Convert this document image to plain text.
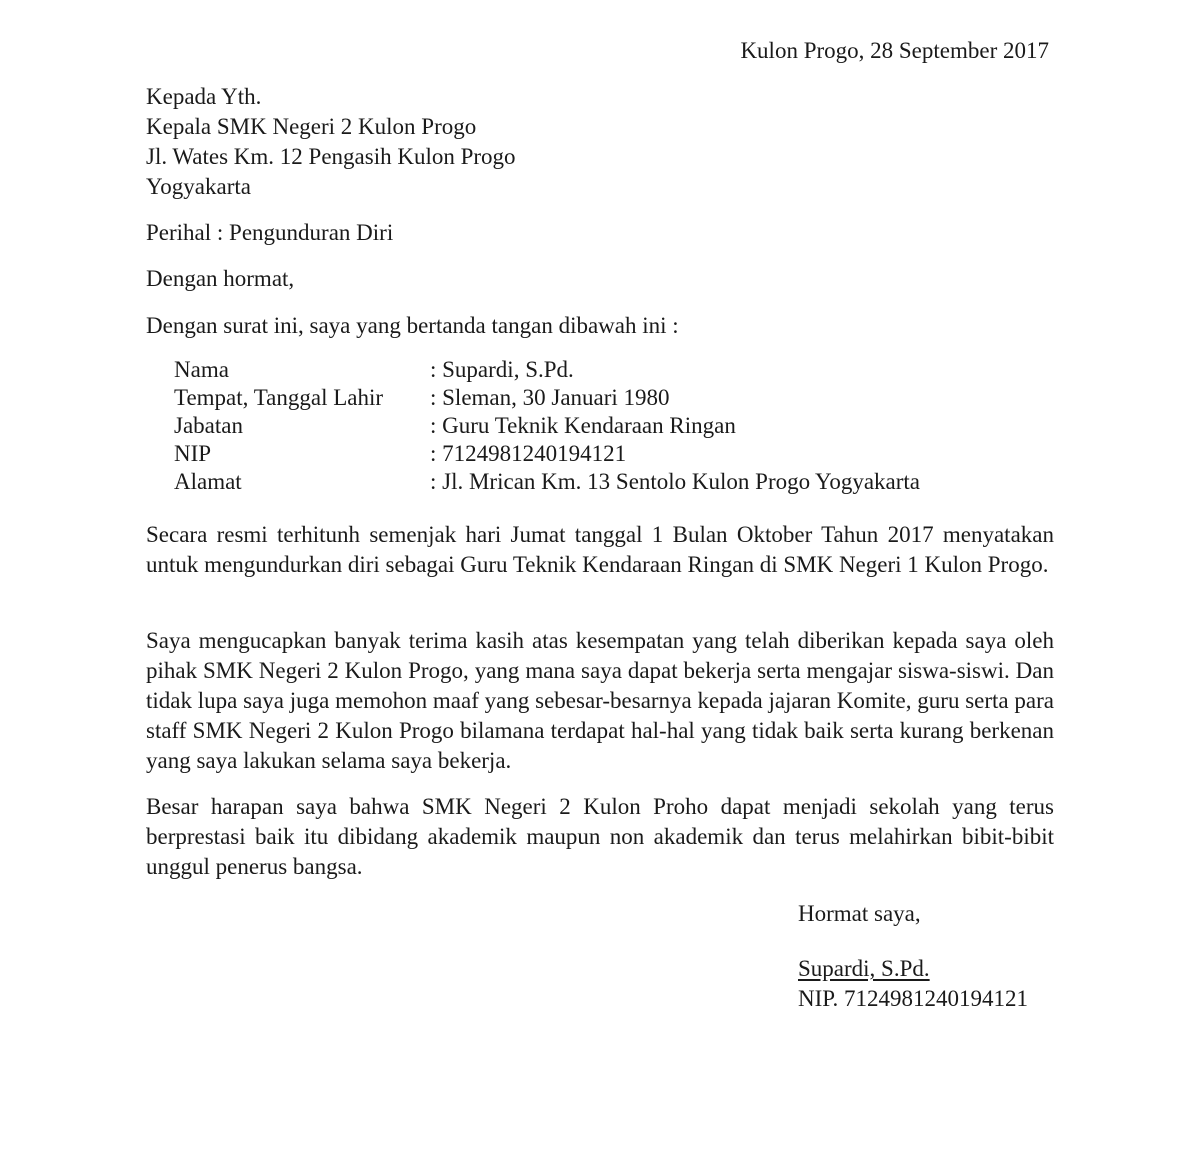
Kulon Progo, 28 September 2017
Kepada Yth.
Kepala SMK Negeri 2 Kulon Progo
Jl. Wates Km. 12 Pengasih Kulon Progo
Yogyakarta
Perihal : Pengunduran Diri
Dengan hormat,
Dengan surat ini, saya yang bertanda tangan dibawah ini :
Nama	: Supardi, S.Pd.
Tempat, Tanggal Lahir	: Sleman, 30 Januari 1980
Jabatan	: Guru Teknik Kendaraan Ringan
NIP	: 7124981240194121
Alamat	: Jl. Mrican Km. 13 Sentolo Kulon Progo Yogyakarta
Secara resmi terhitunh semenjak hari Jumat tanggal 1 Bulan Oktober Tahun 2017 menyatakan untuk mengundurkan diri sebagai Guru Teknik Kendaraan Ringan di SMK Negeri 1 Kulon Progo.
Saya mengucapkan banyak terima kasih atas kesempatan yang telah diberikan kepada saya oleh pihak SMK Negeri 2 Kulon Progo, yang mana saya dapat bekerja serta mengajar siswa-siswi. Dan tidak lupa saya juga memohon maaf yang sebesar-besarnya kepada jajaran Komite, guru serta para staff SMK Negeri 2 Kulon Progo bilamana terdapat hal-hal yang tidak baik serta kurang berkenan yang saya lakukan selama saya bekerja.
Besar harapan saya bahwa SMK Negeri 2 Kulon Proho dapat menjadi sekolah yang terus berprestasi baik itu dibidang akademik maupun non akademik dan terus melahirkan bibit-bibit unggul penerus bangsa.
Hormat saya,
Supardi, S.Pd.
NIP. 7124981240194121
